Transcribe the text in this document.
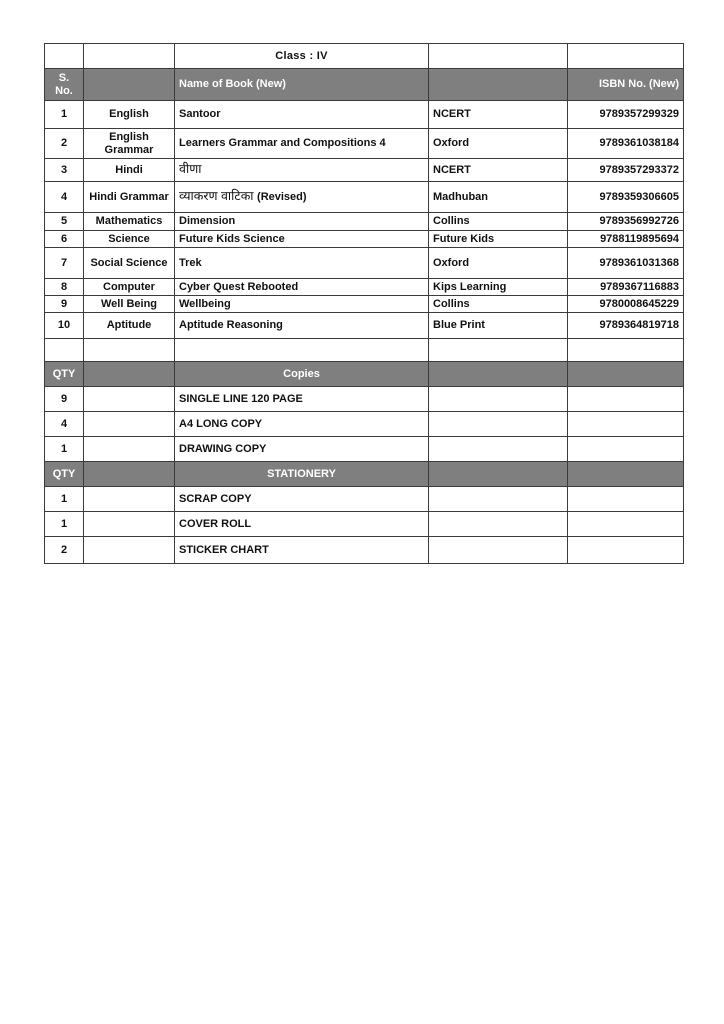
		Class : IV		
S. No.		Name of Book (New)		ISBN No. (New)
1	English	Santoor	NCERT	9789357299329
2	English Grammar	Learners Grammar and Compositions 4	Oxford	9789361038184
3	Hindi	वीणा	NCERT	9789357293372
4	Hindi Grammar	व्याकरण वाटिका (Revised)	Madhuban	9789359306605
5	Mathematics	Dimension	Collins	9789356992726
6	Science	Future Kids Science	Future Kids	9788119895694
7	Social Science	Trek	Oxford	9789361031368
8	Computer	Cyber Quest Rebooted	Kips Learning	9789367116883
9	Well Being	Wellbeing	Collins	9780008645229
10	Aptitude	Aptitude Reasoning	Blue Print	9789364819718

QTY		Copies		
9		SINGLE LINE 120 PAGE		
4		A4 LONG COPY		
1		DRAWING COPY		
QTY		STATIONERY		
1		SCRAP COPY		
1		COVER ROLL		
2		STICKER CHART		
